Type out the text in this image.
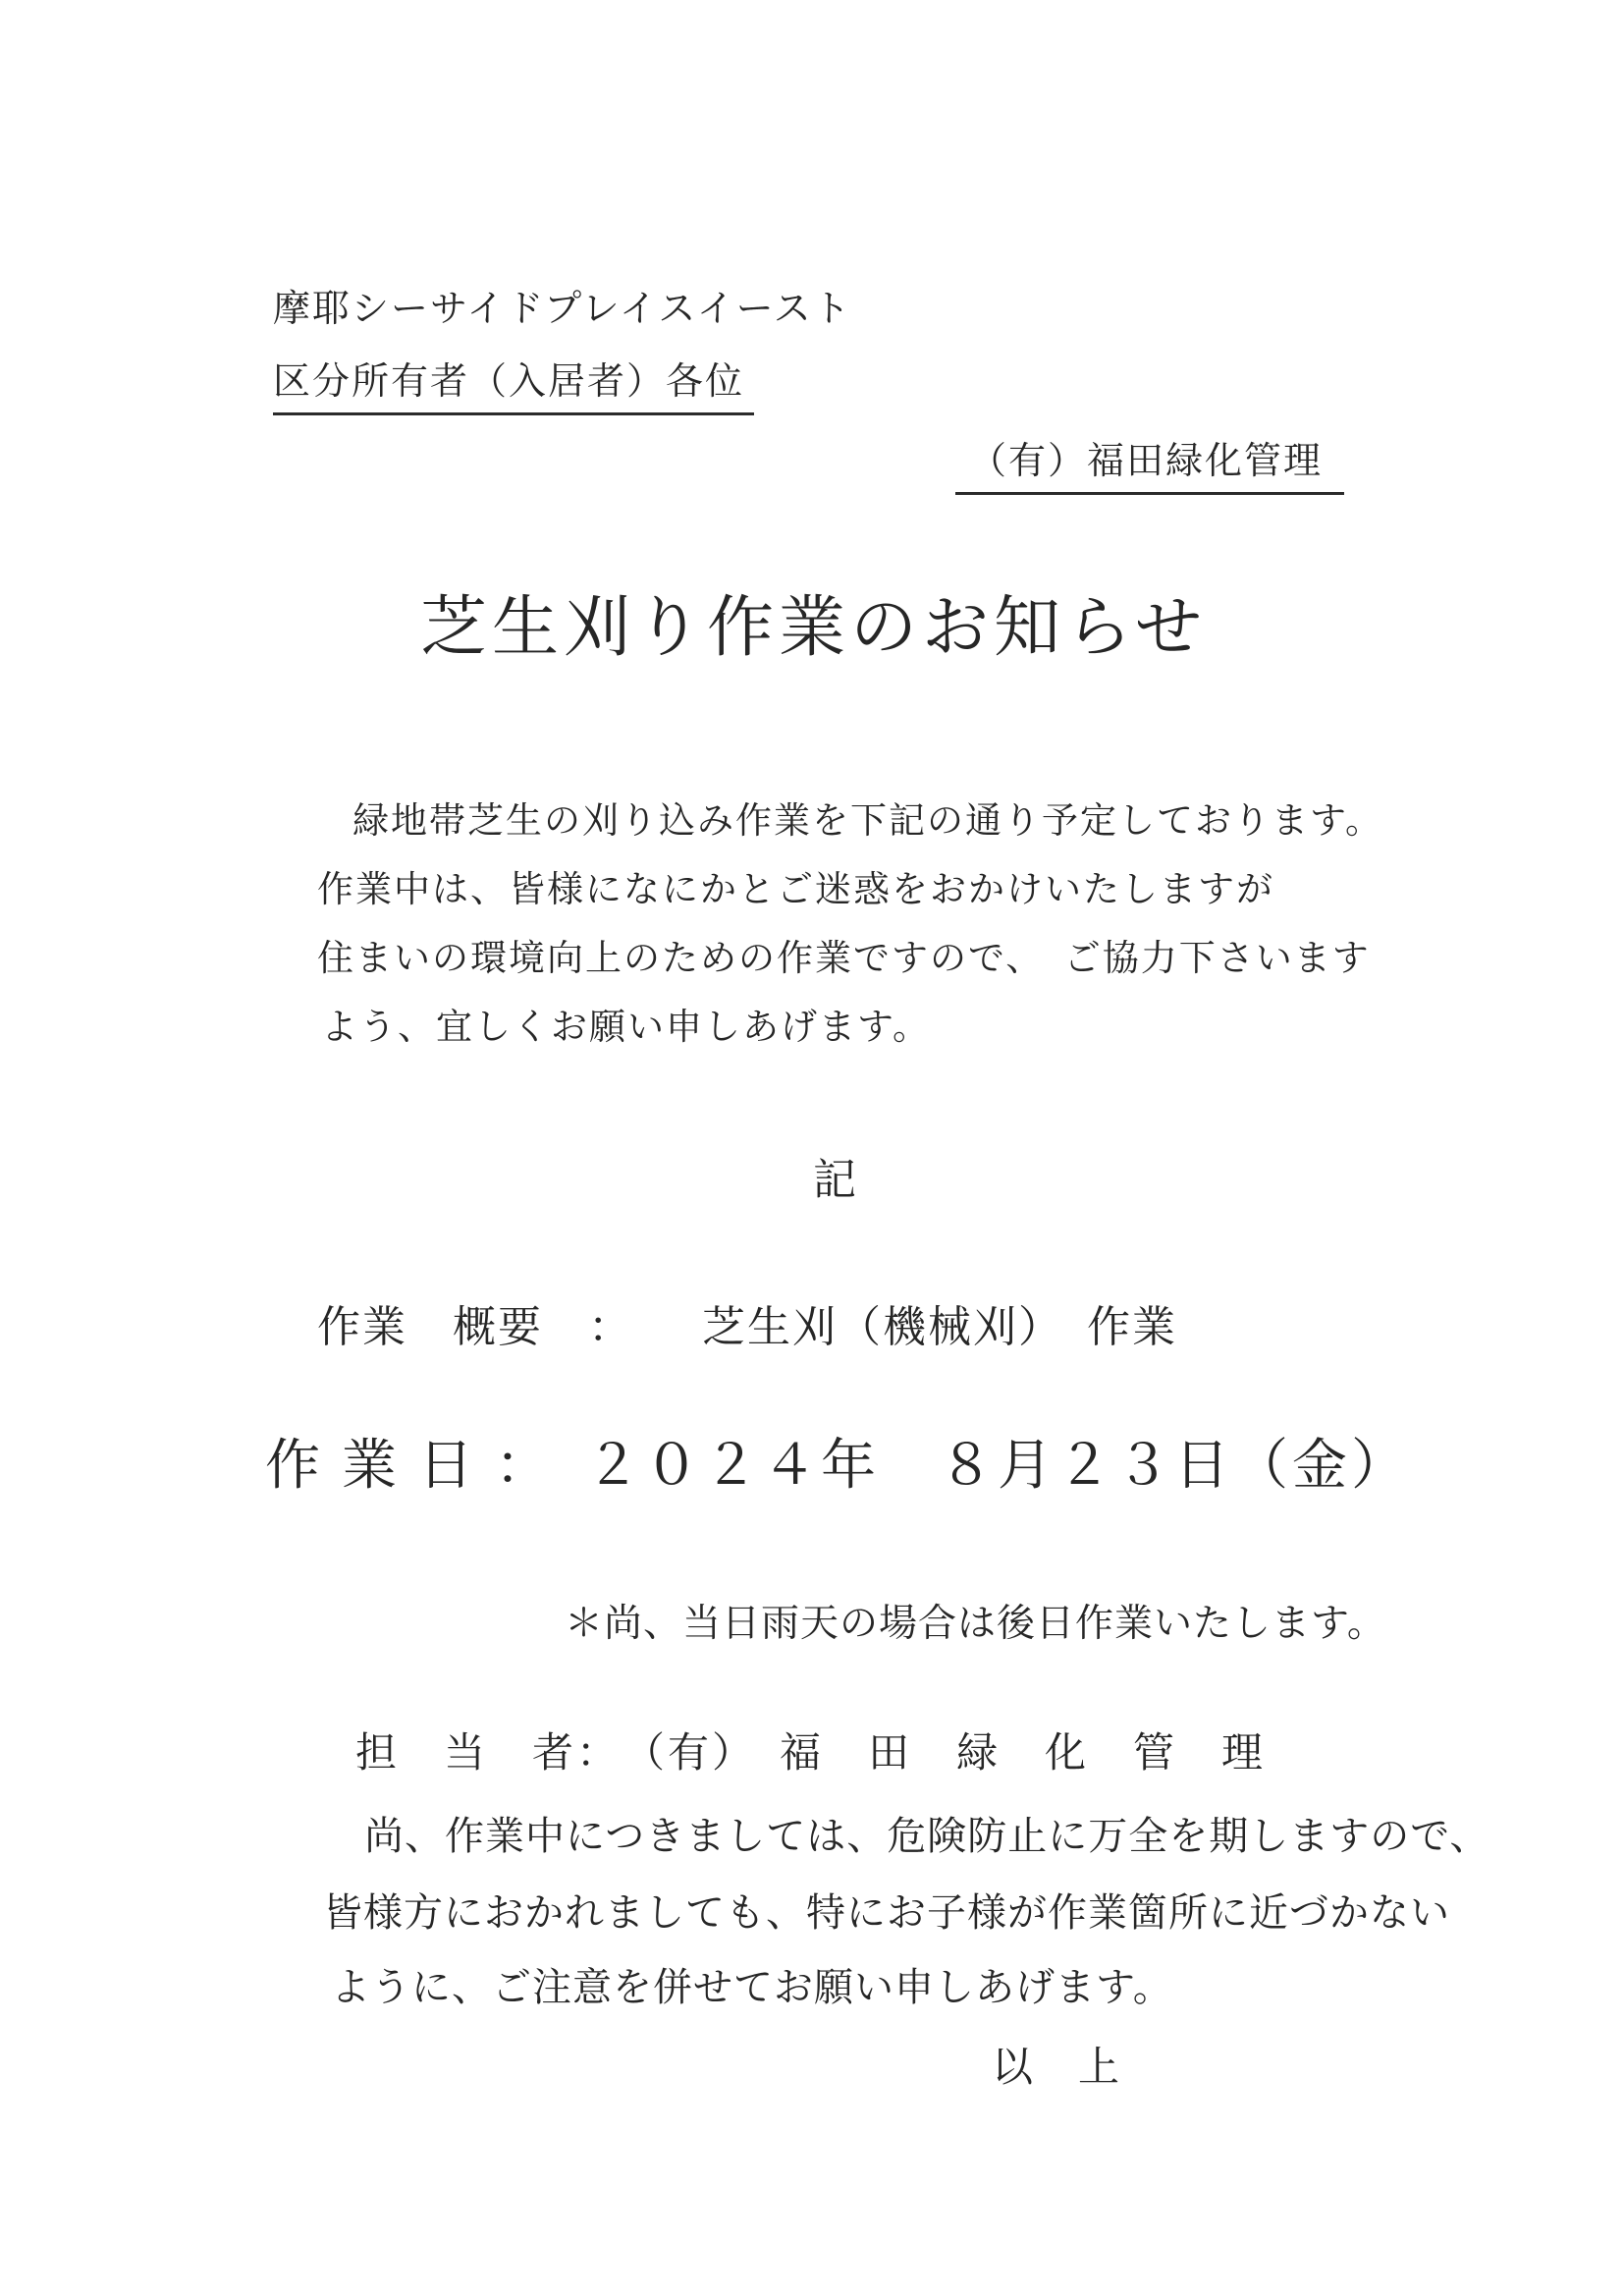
摩耶シーサイドプレイスイースト
区分所有者（入居者）各位
（有）福田緑化管理
芝生刈り作業のお知らせ
緑地帯芝生の刈り込み作業を下記の通り予定しております。
作業中は、皆様になにかとご迷惑をおかけいたしますが
住まいの環境向上のための作業ですので、　ご協力下さいます
よう、宜しくお願い申しあげます。
記
作業　概要　：　　芝生刈（機械刈）　作業
作 業 日 ：　２０２４年　８月２３日（金）
＊尚、当日雨天の場合は後日作業いたします。
担　当　者：　（有）　福　田　緑　化　管　理
尚、作業中につきましては、危険防止に万全を期しますので、
皆様方におかれましても、特にお子様が作業箇所に近づかない
ように、ご注意を併せてお願い申しあげます。
以　上
